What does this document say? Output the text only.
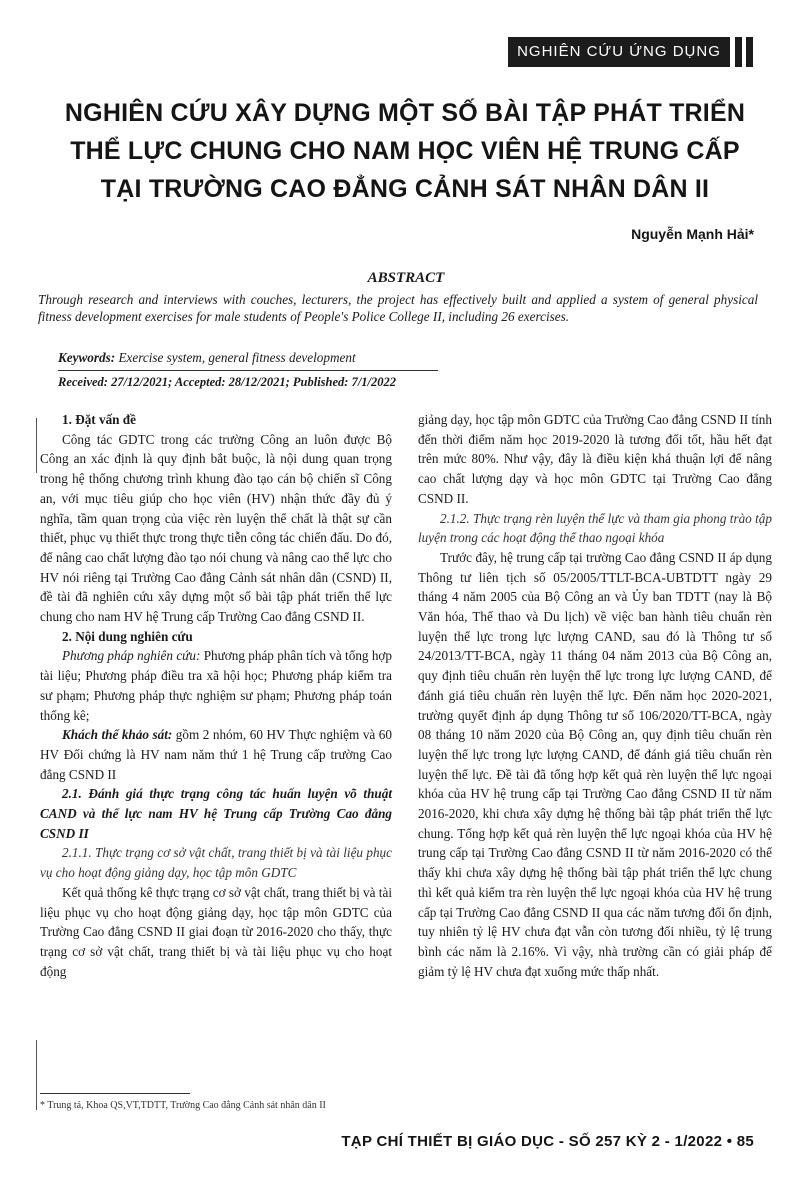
NGHIÊN CỨU ỨNG DỤNG
NGHIÊN CỨU XÂY DỰNG MỘT SỐ BÀI TẬP PHÁT TRIỂN
THỂ LỰC CHUNG CHO NAM HỌC VIÊN HỆ TRUNG CẤP
TẠI TRƯỜNG CAO ĐẲNG CẢNH SÁT NHÂN DÂN II
Nguyễn Mạnh Hải*
ABSTRACT
Through research and interviews with couches, lecturers, the project has effectively built and applied a system of general physical fitness development exercises for male students of People's Police College II, including 26 exercises.
Keywords: Exercise system, general fitness development
Received: 27/12/2021; Accepted: 28/12/2021; Published: 7/1/2022

1. Đặt vấn đề

Công tác GDTC trong các trường Công an luôn được Bộ Công an xác định là quy định bắt buộc, là nội dung quan trọng trong hệ thống chương trình khung đào tạo cán bộ chiến sĩ Công an, với mục tiêu giúp cho học viên (HV) nhận thức đầy đủ ý nghĩa, tầm quan trọng của việc rèn luyện thể chất là thật sự cần thiết, phục vụ thiết thực trong thực tiễn công tác chiến đấu. Do đó, để nâng cao chất lượng đào tạo nói chung và nâng cao thể lực cho HV nói riêng tại Trường Cao đẳng Cảnh sát nhân dân (CSND) II, đề tài đã nghiên cứu xây dựng một số bài tập phát triển thể lực chung cho nam HV hệ Trung cấp Trường Cao đẳng CSND II.

2. Nội dung nghiên cứu

Phương pháp nghiên cứu: Phương pháp phân tích và tổng hợp tài liệu; Phương pháp điều tra xã hội học; Phương pháp kiểm tra sư phạm; Phương pháp thực nghiệm sư phạm; Phương pháp toán thống kê;

Khách thể khảo sát: gồm 2 nhóm, 60 HV Thực nghiệm và 60 HV Đối chứng là HV nam năm thứ 1 hệ Trung cấp trường Cao đẳng CSND II

2.1. Đánh giá thực trạng công tác huấn luyện võ thuật CAND và thể lực nam HV hệ Trung cấp Trường Cao đẳng CSND II

2.1.1. Thực trạng cơ sở vật chất, trang thiết bị và tài liệu phục vụ cho hoạt động giảng dạy, học tập môn GDTC

Kết quả thống kê thực trạng cơ sở vật chất, trang thiết bị và tài liệu phục vụ cho hoạt động giảng dạy, học tập môn GDTC của Trường Cao đẳng CSND II giai đoạn từ 2016-2020 cho thấy, thực trạng cơ sở vật chất, trang thiết bị và tài liệu phục vụ cho hoạt động

giảng dạy, học tập môn GDTC của Trường Cao đẳng CSND II tính đến thời điểm năm học 2019-2020 là tương đối tốt, hầu hết đạt trên mức 80%. Như vậy, đây là điều kiện khá thuận lợi để nâng cao chất lượng dạy và học môn GDTC tại Trường Cao đẳng CSND II.

2.1.2. Thực trạng rèn luyện thể lực và tham gia phong trào tập luyện trong các hoạt động thể thao ngoại khóa

Trước đây, hệ trung cấp tại trường Cao đẳng CSND II áp dụng Thông tư liên tịch số 05/2005/TTLT-BCA-UBTDTT ngày 29 tháng 4 năm 2005 của Bộ Công an và Ủy ban TDTT (nay là Bộ Văn hóa, Thể thao và Du lịch) về việc ban hành tiêu chuẩn rèn luyện thể lực trong lực lượng CAND, sau đó là Thông tư số 24/2013/TT-BCA, ngày 11 tháng 04 năm 2013 của Bộ Công an, quy định tiêu chuẩn rèn luyện thể lực trong lực lượng CAND, để đánh giá tiêu chuẩn rèn luyện thể lực. Đến năm học 2020-2021, trường quyết định áp dụng Thông tư số 106/2020/TT-BCA, ngày 08 tháng 10 năm 2020 của Bộ Công an, quy định tiêu chuẩn rèn luyện thể lực trong lực lượng CAND, để đánh giá tiêu chuẩn rèn luyện thể lực. Đề tài đã tổng hợp kết quả rèn luyện thể lực ngoại khóa của HV hệ trung cấp tại Trường Cao đẳng CSND II từ năm 2016-2020, khi chưa xây dựng hệ thống bài tập phát triển thể lực chung. Tổng hợp kết quả rèn luyện thể lực ngoại khóa của HV hệ trung cấp tại Trường Cao đẳng CSND II từ năm 2016-2020 có thể thấy khi chưa xây dựng hệ thống bài tập phát triển thể lực chung thì kết quả kiểm tra rèn luyện thể lực ngoại khóa của HV hệ trung cấp tại Trường Cao đẳng CSND II qua các năm tương đối ổn định, tuy nhiên tỷ lệ HV chưa đạt vẫn còn tương đối nhiều, tỷ lệ trung bình các năm là 2.16%. Vì vậy, nhà trường cần có giải pháp để giảm tỷ lệ HV chưa đạt xuống mức thấp nhất.

* Trung tá, Khoa QS,VT,TDTT, Trường Cao đẳng Cảnh sát nhân dân II
TẠP CHÍ THIẾT BỊ GIÁO DỤC - SỐ 257 KỲ 2 - 1/2022 • 85
